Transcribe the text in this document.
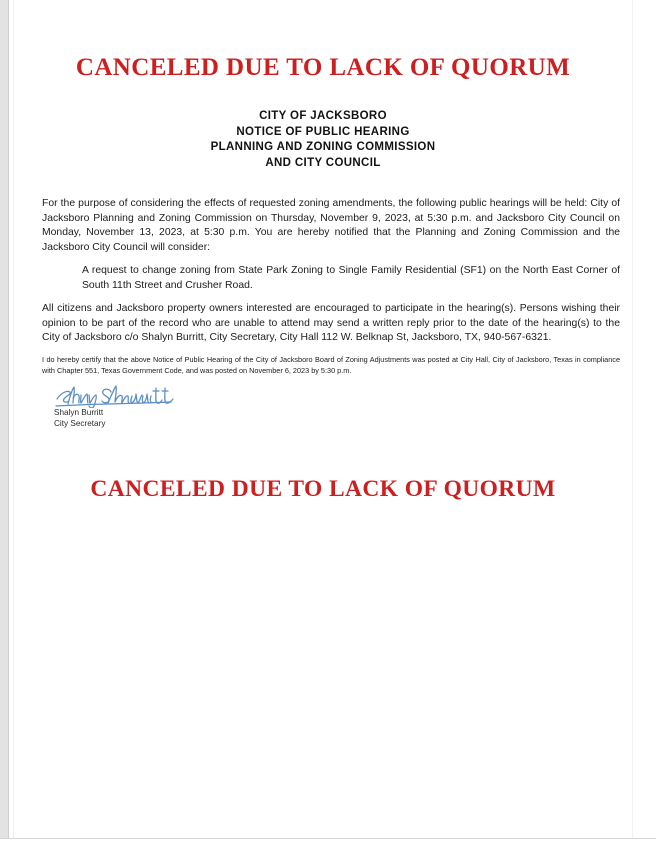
CANCELED DUE TO LACK OF QUORUM
CITY OF JACKSBORO
NOTICE OF PUBLIC HEARING
PLANNING AND ZONING COMMISSION
AND CITY COUNCIL

For the purpose of considering the effects of requested zoning amendments, the following public hearings will be held: City of Jacksboro Planning and Zoning Commission on Thursday, November 9, 2023, at 5:30 p.m. and Jacksboro City Council on Monday, November 13, 2023, at 5:30 p.m. You are hereby notified that the Planning and Zoning Commission and the Jacksboro City Council will consider:

A request to change zoning from State Park Zoning to Single Family Residential (SF1) on the North East Corner of South 11th Street and Crusher Road.

All citizens and Jacksboro property owners interested are encouraged to participate in the hearing(s). Persons wishing their opinion to be part of the record who are unable to attend may send a written reply prior to the date of the hearing(s) to the City of Jacksboro c/o Shalyn Burritt, City Secretary, City Hall 112 W. Belknap St, Jacksboro, TX, 940-567-6321.

I do hereby certify that the above Notice of Public Hearing of the City of Jacksboro Board of Zoning Adjustments was posted at City Hall, City of Jacksboro, Texas in compliance with Chapter 551, Texas Government Code, and was posted on November 6, 2023 by 5:30 p.m.

Shalyn Burritt
City Secretary
CANCELED DUE TO LACK OF QUORUM
